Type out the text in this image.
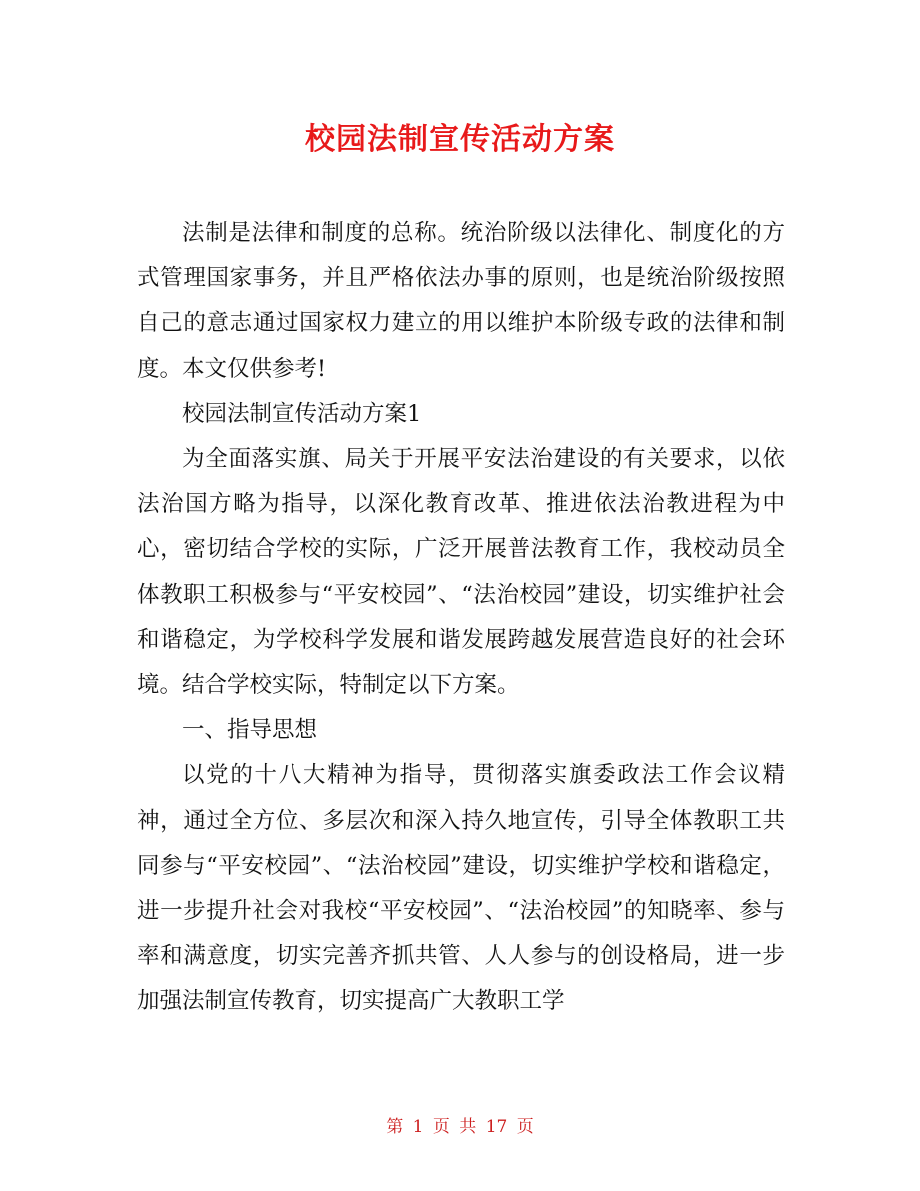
校园法制宣传活动方案

法制是法律和制度的总称。统治阶级以法律化、制度化的方式管理国家事务，并且严格依法办事的原则，也是统治阶级按照自己的意志通过国家权力建立的用以维护本阶级专政的法律和制度。本文仅供参考!

校园法制宣传活动方案1

为全面落实旗、局关于开展平安法治建设的有关要求，以依法治国方略为指导，以深化教育改革、推进依法治教进程为中心，密切结合学校的实际，广泛开展普法教育工作，我校动员全体教职工积极参与“平安校园”、“法治校园”建设，切实维护社会和谐稳定，为学校科学发展和谐发展跨越发展营造良好的社会环境。结合学校实际，特制定以下方案。

一、指导思想

以党的十八大精神为指导，贯彻落实旗委政法工作会议精神，通过全方位、多层次和深入持久地宣传，引导全体教职工共同参与“平安校园”、“法治校园”建设，切实维护学校和谐稳定，进一步提升社会对我校“平安校园”、“法治校园”的知晓率、参与率和满意度，切实完善齐抓共管、人人参与的创设格局，进一步加强法制宣传教育，切实提高广大教职工学

第 1 页 共 17 页
